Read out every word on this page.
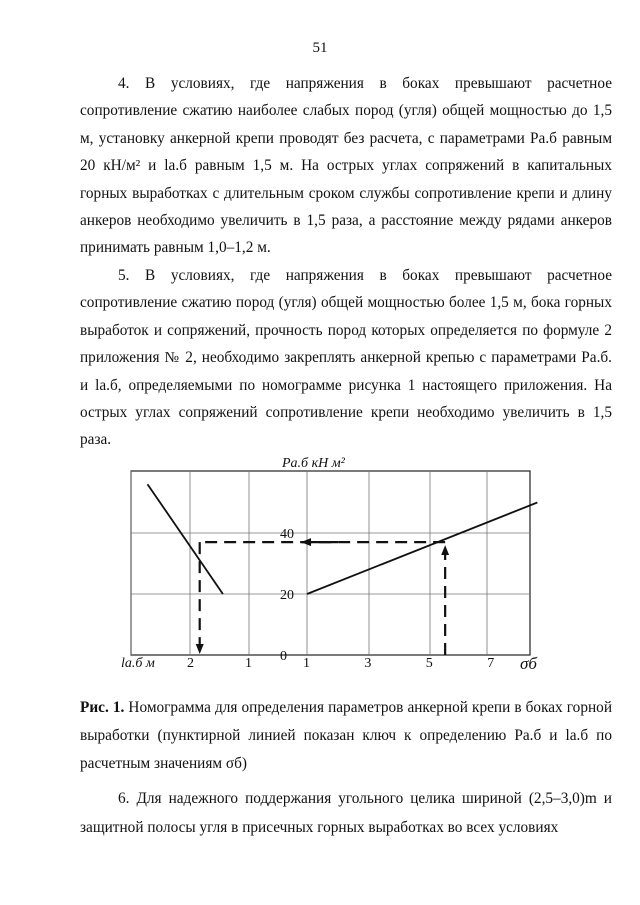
51

4. В условиях, где напряжения в боках превышают расчетное сопротивление сжатию наиболее слабых пород (угля) общей мощностью до 1,5 м, установку анкерной крепи проводят без расчета, с параметрами Pа.б равным 20 кН/м² и lа.б равным 1,5 м. На острых углах сопряжений в капитальных горных выработках с длительным сроком службы сопротивление крепи и длину анкеров необходимо увеличить в 1,5 раза, а расстояние между рядами анкеров принимать равным 1,0–1,2 м.

5. В условиях, где напряжения в боках превышают расчетное сопротивление сжатию пород (угля) общей мощностью более 1,5 м, бока горных выработок и сопряжений, прочность пород которых определяется по формуле 2 приложения № 2, необходимо закреплять анкерной крепью с параметрами Pа.б. и lа.б, определяемыми по номограмме рисунка 1 настоящего приложения. На острых углах сопряжений сопротивление крепи необходимо увеличить в 1,5 раза.

40
20
0
2	1	1	3	5	7
Pа.б кН м²
lа.б м	σб

Рис. 1. Номограмма для определения параметров анкерной крепи в боках горной выработки (пунктирной линией показан ключ к определению Pа.б и lа.б по расчетным значениям σб)

6. Для надежного поддержания угольного целика шириной (2,5–3,0)m и защитной полосы угля в присечных горных выработках во всех условиях
